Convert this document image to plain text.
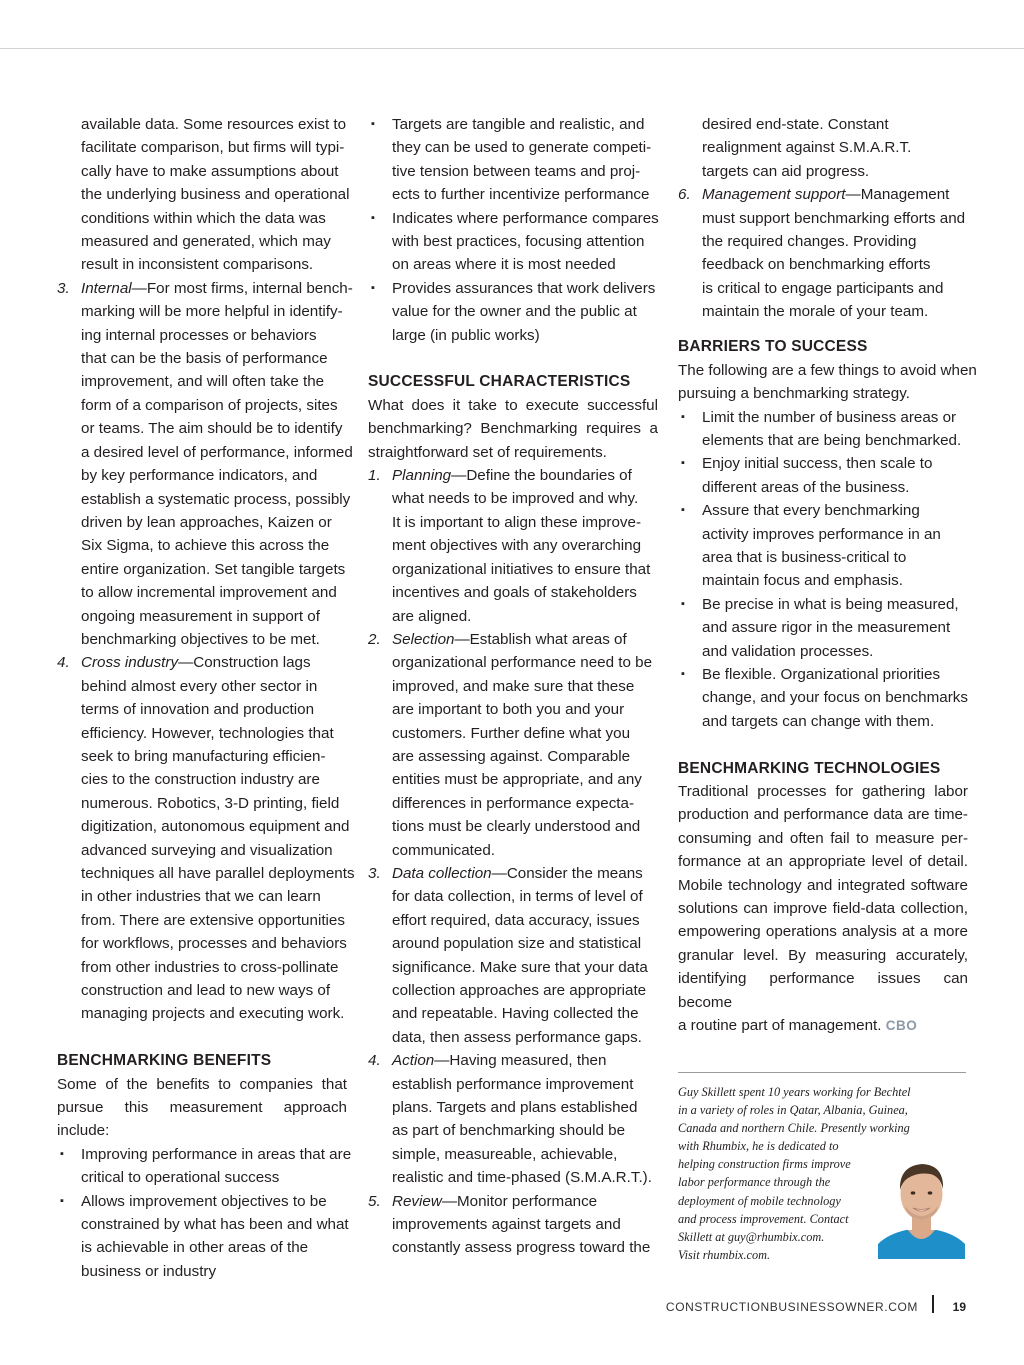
available data. Some resources exist to
facilitate comparison, but firms will typi-
cally have to make assumptions about
the underlying business and operational
conditions within which the data was
measured and generated, which may
result in inconsistent comparisons.
3. Internal—For most firms, internal bench-
marking will be more helpful in identify-
ing internal processes or behaviors
that can be the basis of performance
improvement, and will often take the
form of a comparison of projects, sites
or teams. The aim should be to identify
a desired level of performance, informed
by key performance indicators, and
establish a systematic process, possibly
driven by lean approaches, Kaizen or
Six Sigma, to achieve this across the
entire organization. Set tangible targets
to allow incremental improvement and
ongoing measurement in support of
benchmarking objectives to be met.
4. Cross industry—Construction lags
behind almost every other sector in
terms of innovation and production
efficiency. However, technologies that
seek to bring manufacturing efficien-
cies to the construction industry are
numerous. Robotics, 3-D printing, field
digitization, autonomous equipment and
advanced surveying and visualization
techniques all have parallel deployments
in other industries that we can learn
from. There are extensive opportunities
for workflows, processes and behaviors
from other industries to cross-pollinate
construction and lead to new ways of
managing projects and executing work.
BENCHMARKING BENEFITS
Some of the benefits to companies that
pursue this measurement approach include:
▪ Improving performance in areas that are
critical to operational success
▪ Allows improvement objectives to be
constrained by what has been and what
is achievable in other areas of the
business or industry
▪ Targets are tangible and realistic, and
they can be used to generate competi-
tive tension between teams and proj-
ects to further incentivize performance
▪ Indicates where performance compares
with best practices, focusing attention
on areas where it is most needed
▪ Provides assurances that work delivers
value for the owner and the public at
large (in public works)
SUCCESSFUL CHARACTERISTICS
What does it take to execute successful
benchmarking? Benchmarking requires a
straightforward set of requirements.
1. Planning—Define the boundaries of
what needs to be improved and why.
It is important to align these improve-
ment objectives with any overarching
organizational initiatives to ensure that
incentives and goals of stakeholders
are aligned.
2. Selection—Establish what areas of
organizational performance need to be
improved, and make sure that these
are important to both you and your
customers. Further define what you
are assessing against. Comparable
entities must be appropriate, and any
differences in performance expecta-
tions must be clearly understood and
communicated.
3. Data collection—Consider the means
for data collection, in terms of level of
effort required, data accuracy, issues
around population size and statistical
significance. Make sure that your data
collection approaches are appropriate
and repeatable. Having collected the
data, then assess performance gaps.
4. Action—Having measured, then
establish performance improvement
plans. Targets and plans established
as part of benchmarking should be
simple, measureable, achievable,
realistic and time-phased (S.M.A.R.T.).
5. Review—Monitor performance
improvements against targets and
constantly assess progress toward the
desired end-state. Constant
realignment against S.M.A.R.T.
targets can aid progress.
6. Management support—Management
must support benchmarking efforts and
the required changes. Providing
feedback on benchmarking efforts
is critical to engage participants and
maintain the morale of your team.
BARRIERS TO SUCCESS
The following are a few things to avoid when
pursuing a benchmarking strategy.
▪ Limit the number of business areas or
elements that are being benchmarked.
▪ Enjoy initial success, then scale to
different areas of the business.
▪ Assure that every benchmarking
activity improves performance in an
area that is business-critical to
maintain focus and emphasis.
▪ Be precise in what is being measured,
and assure rigor in the measurement
and validation processes.
▪ Be flexible. Organizational priorities
change, and your focus on benchmarks
and targets can change with them.
BENCHMARKING TECHNOLOGIES
Traditional processes for gathering labor
production and performance data are time-
consuming and often fail to measure per-
formance at an appropriate level of detail.
Mobile technology and integrated software
solutions can improve field-data collection,
empowering operations analysis at a more
granular level. By measuring accurately,
identifying performance issues can become
a routine part of management. CBO
Guy Skillett spent 10 years working for Bechtel
in a variety of roles in Qatar, Albania, Guinea,
Canada and northern Chile. Presently working
with Rhumbix, he is dedicated to
helping construction firms improve
labor performance through the
deployment of mobile technology
and process improvement. Contact
Skillett at guy@rhumbix.com.
Visit rhumbix.com.
CONSTRUCTIONBUSINESSOWNER.COM	19
